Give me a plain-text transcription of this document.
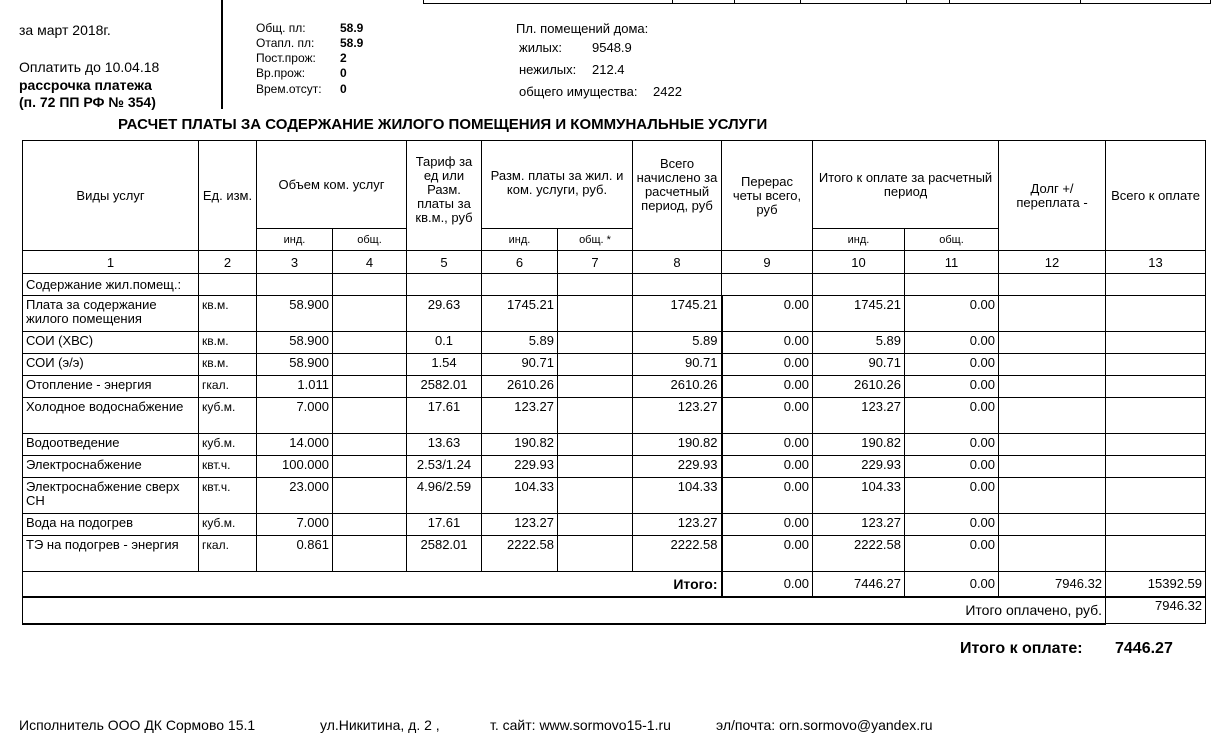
за март 2018г.
Оплатить до 10.04.18
рассрочка платежа
(п. 72 ПП РФ № 354)
Общ. пл:	58.9
Отапл. пл: 58.9
Пост.прож: 2
Вр.прож:	0
Врем.отсут: 0
Пл. помещений дома:
жилых: 9548.9
нежилых: 212.4
общего имущества: 2422
РАСЧЕТ ПЛАТЫ ЗА СОДЕРЖАНИЕ ЖИЛОГО ПОМЕЩЕНИЯ И КОММУНАЛЬНЫЕ УСЛУГИ
Виды услуг	Ед. изм.	Объем ком. услуг		Тариф за ед или Разм. платы за кв.м., руб	Разм. платы за жил. и ком. услуги, руб.		Всего начислено за расчетный период, руб	Перерас четы всего, руб	Итого к оплате за расчетный период		Долг +/ переплата -	Всего к оплате
		инд.	общ.		инд.	общ. *			инд.	общ.		
1	2	3	4	5	6	7	8	9	10	11	12	13
Содержание жил.помещ.:												
Плата за содержание жилого помещения	кв.м.	58.900		29.63	1745.21		1745.21	0.00	1745.21	0.00		
СОИ (ХВС)	кв.м.	58.900		0.1	5.89		5.89	0.00	5.89	0.00		
СОИ (э/э)	кв.м.	58.900		1.54	90.71		90.71	0.00	90.71	0.00		
Отопление - энергия	гкал.	1.011		2582.01	2610.26		2610.26	0.00	2610.26	0.00		
Холодное водоснабжение	куб.м.	7.000		17.61	123.27		123.27	0.00	123.27	0.00		
Водоотведение	куб.м.	14.000		13.63	190.82		190.82	0.00	190.82	0.00		
Электроснабжение	квт.ч.	100.000		2.53/1.24	229.93		229.93	0.00	229.93	0.00		
Электроснабжение сверх СН	квт.ч.	23.000		4.96/2.59	104.33		104.33	0.00	104.33	0.00		
Вода на подогрев	куб.м.	7.000		17.61	123.27		123.27	0.00	123.27	0.00		
ТЭ на подогрев - энергия	гкал.	0.861		2582.01	2222.58		2222.58	0.00	2222.58	0.00		
Итого:								0.00	7446.27	0.00	7946.32	15392.59
Итого оплачено, руб.												7946.32
Итого к оплате: 7446.27
Исполнитель ООО ДК Сормово 15.1	ул.Никитина, д. 2 ,	т. сайт: www.sormovo15-1.ru	эл/почта: orn.sormovo@yandex.ru
